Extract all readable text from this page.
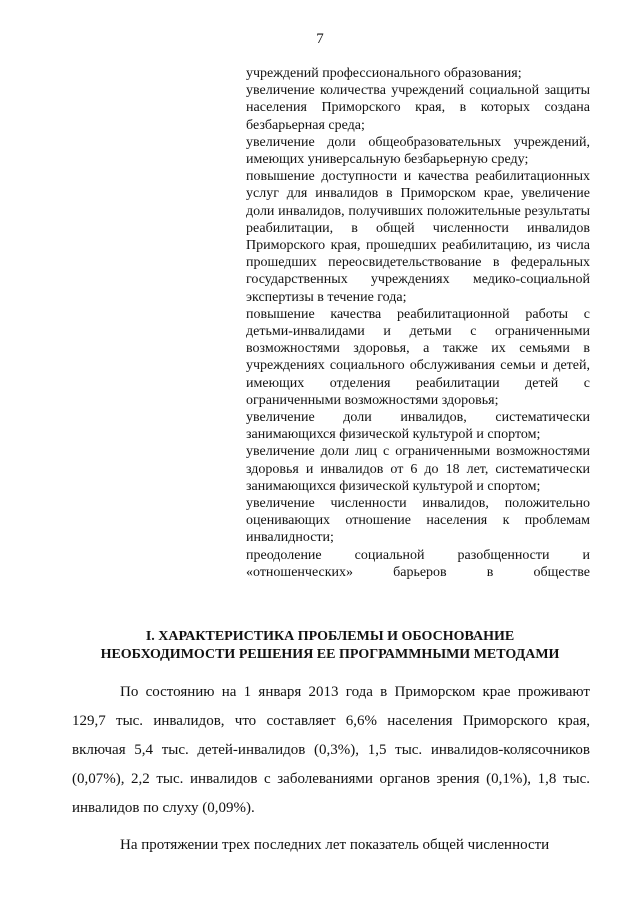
7

учреждений профессионального образования;

увеличение количества учреждений социальной защиты населения Приморского края, в которых создана безбарьерная среда;

увеличение доли общеобразовательных учреждений, имеющих универсальную безбарьерную среду;

повышение доступности и качества реабилитационных услуг для инвалидов в Приморском крае, увеличение доли инвалидов, получивших положительные результаты реабилитации, в общей численности инвалидов Приморского края, прошедших реабилитацию, из числа прошедших переосвидетельствование в федеральных государственных учреждениях медико-социальной экспертизы в течение года;

повышение качества реабилитационной работы с детьми-инвалидами и детьми с ограниченными возможностями здоровья, а также их семьями в учреждениях социального обслуживания семьи и детей, имеющих отделения реабилитации детей с ограниченными возможностями здоровья;

увеличение доли инвалидов, систематически занимающихся физической культурой и спортом;

увеличение доли лиц с ограниченными возможностями здоровья и инвалидов от 6 до 18 лет, систематически занимающихся физической культурой и спортом;

увеличение численности инвалидов, положительно оценивающих отношение населения к проблемам инвалидности;

преодоление социальной разобщенности и «отношенческих» барьеров в обществе

I. ХАРАКТЕРИСТИКА ПРОБЛЕМЫ И ОБОСНОВАНИЕ
НЕОБХОДИМОСТИ РЕШЕНИЯ ЕЕ ПРОГРАММНЫМИ МЕТОДАМИ

По состоянию на 1 января 2013 года в Приморском крае проживают 129,7 тыс. инвалидов, что составляет 6,6% населения Приморского края, включая 5,4 тыс. детей-инвалидов (0,3%), 1,5 тыс. инвалидов-колясочников (0,07%), 2,2 тыс. инвалидов с заболеваниями органов зрения (0,1%), 1,8 тыс. инвалидов по слуху (0,09%).

На протяжении трех последних лет показатель общей численности
